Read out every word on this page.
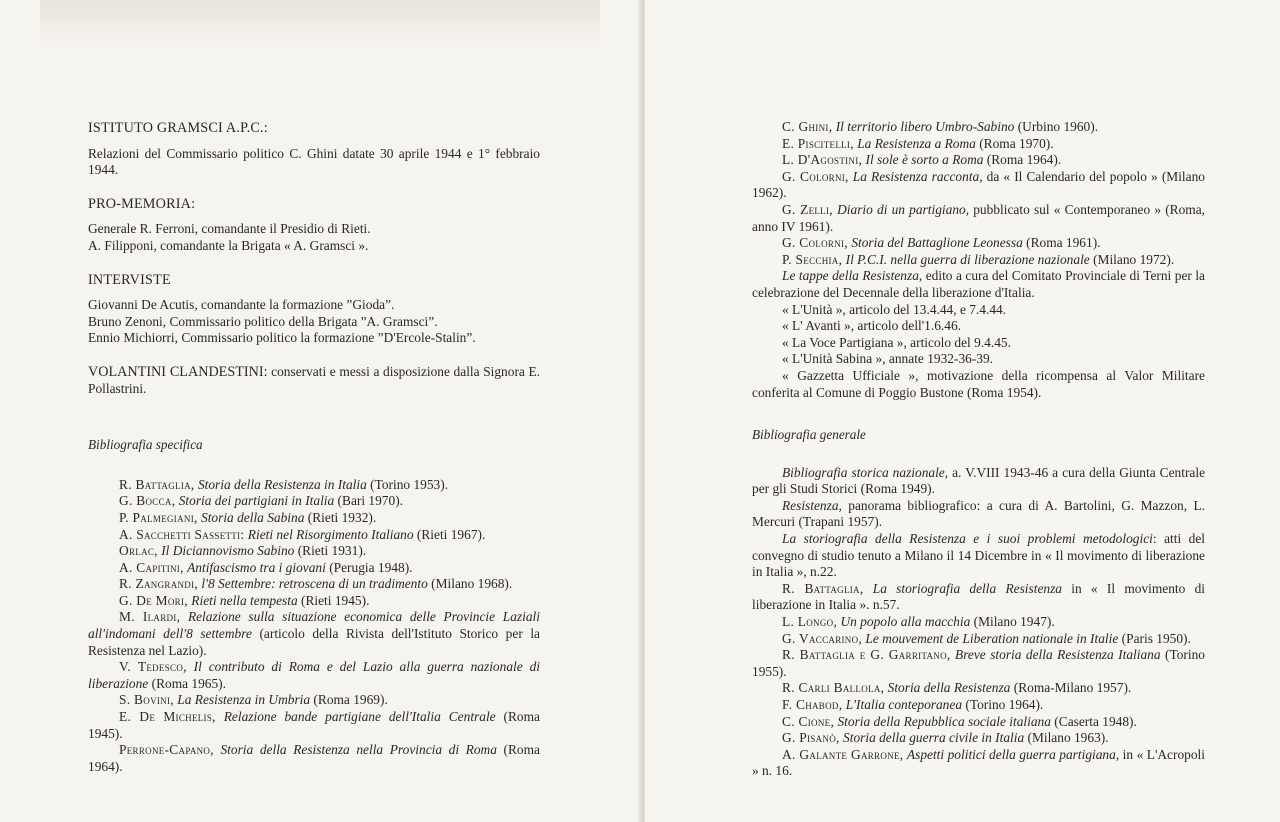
ISTITUTO GRAMSCI A.P.C.:

Relazioni del Commissario politico C. Ghini datate 30 aprile 1944 e 1° febbraio 1944.

PRO-MEMORIA:

Generale R. Ferroni, comandante il Presidio di Rieti.

A. Filipponi, comandante la Brigata « A. Gramsci ».

INTERVISTE

Giovanni De Acutis, comandante la formazione ”Gioda”.

Bruno Zenoni, Commissario politico della Brigata ”A. Gramsci”.

Ennio Michiorri, Commissario politico la formazione ”D'Ercole-Stalin”.

VOLANTINI CLANDESTINI: conservati e messi a disposizione dalla Signora E. Pollastrini.

Bibliografia specifica

R. Battaglia, Storia della Resistenza in Italia (Torino 1953).

G. Bocca, Storia dei partigiani in Italia (Bari 1970).

P. Palmegiani, Storia della Sabina (Rieti 1932).

A. Sacchetti Sassetti: Rieti nel Risorgimento Italiano (Rieti 1967).

Orlac, Il Diciannovismo Sabino (Rieti 1931).

A. Capitini, Antifascismo tra i giovani (Perugia 1948).

R. Zangrandi, l'8 Settembre: retroscena di un tradimento (Milano 1968).

G. De Mori, Rieti nella tempesta (Rieti 1945).

M. Ilardi, Relazione sulla situazione economica delle Provincie Laziali all'indomani dell'8 settembre (articolo della Rivista dell'Istituto Storico per la Resistenza nel Lazio).

V. Tedesco, Il contributo di Roma e del Lazio alla guerra nazionale di liberazione (Roma 1965).

S. Bovini, La Resistenza in Umbria (Roma 1969).

E. De Michelis, Relazione bande partigiane dell'Italia Centrale (Roma 1945).

Perrone-Capano, Storia della Resistenza nella Provincia di Roma (Roma 1964).

C. Ghini, Il territorio libero Umbro-Sabino (Urbino 1960).

E. Piscitelli, La Resistenza a Roma (Roma 1970).

L. D'Agostini, Il sole è sorto a Roma (Roma 1964).

G. Colorni, La Resistenza racconta, da « Il Calendario del popolo » (Milano 1962).

G. Zelli, Diario di un partigiano, pubblicato sul « Contemporaneo » (Roma, anno IV 1961).

G. Colorni, Storia del Battaglione Leonessa (Roma 1961).

P. Secchia, Il P.C.I. nella guerra di liberazione nazionale (Milano 1972).

Le tappe della Resistenza, edito a cura del Comitato Provinciale di Terni per la celebrazione del Decennale della liberazione d'Italia.

« L'Unità », articolo del 13.4.44, e 7.4.44.

« L' Avanti », articolo dell'1.6.46.

« La Voce Partigiana », articolo del 9.4.45.

« L'Unità Sabina », annate 1932-36-39.

« Gazzetta Ufficiale », motivazione della ricompensa al Valor Militare conferita al Comune di Poggio Bustone (Roma 1954).

Bibliografia generale

Bibliografia storica nazionale, a. V.VIII 1943-46 a cura della Giunta Centrale per gli Studi Storici (Roma 1949).

Resistenza, panorama bibliografico: a cura di A. Bartolini, G. Mazzon, L. Mercuri (Trapani 1957).

La storiografia della Resistenza e i suoi problemi metodologici: atti del convegno di studio tenuto a Milano il 14 Dicembre in « Il movimento di liberazione in Italia », n.22.

R. Battaglia, La storiografia della Resistenza in « Il movimento di liberazione in Italia ». n.57.

L. Longo, Un popolo alla macchia (Milano 1947).

G. Vaccarino, Le mouvement de Liberation nationale in Italie (Paris 1950).

R. Battaglia e G. Garritano, Breve storia della Resistenza Italiana (Torino 1955).

R. Carli Ballola, Storia della Resistenza (Roma-Milano 1957).

F. Chabod, L'Italia conteporanea (Torino 1964).

C. Cione, Storia della Repubblica sociale italiana (Caserta 1948).

G. Pisanò, Storia della guerra civile in Italia (Milano 1963).

A. Galante Garrone, Aspetti politici della guerra partigiana, in « L'Acropoli » n. 16.
